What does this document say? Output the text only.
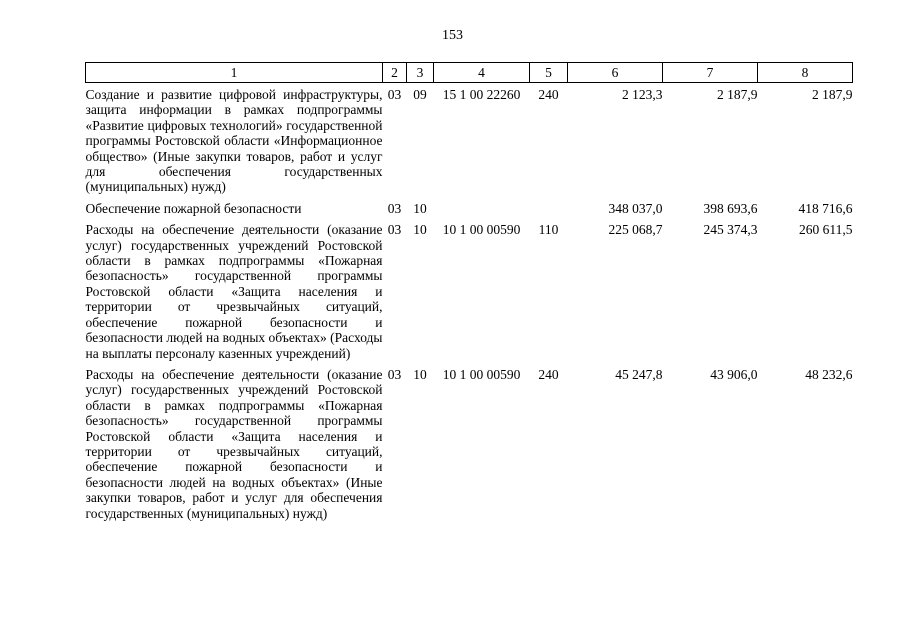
153
1	2	3	4	5	6	7	8
Создание и развитие цифровой инфраструктуры, защита информации в рамках подпрограммы «Развитие цифровых технологий» государственной программы Ростовской области «Информационное общество» (Иные закупки товаров, работ и услуг для обеспечения государственных (муниципальных) нужд)	03	09	15 1 00 22260	240	2 123,3	2 187,9	2 187,9
Обеспечение пожарной безопасности	03	10			348 037,0	398 693,6	418 716,6
Расходы на обеспечение деятельности (оказание услуг) государственных учреждений Ростовской области в рамках подпрограммы «Пожарная безопасность» государственной программы Ростовской области «Защита населения и территории от чрезвычайных ситуаций, обеспечение пожарной безопасности и безопасности людей на водных объектах» (Расходы на выплаты персоналу казенных учреждений)	03	10	10 1 00 00590	110	225 068,7	245 374,3	260 611,5
Расходы на обеспечение деятельности (оказание услуг) государственных учреждений Ростовской области в рамках подпрограммы «Пожарная безопасность» государственной программы Ростовской области «Защита населения и территории от чрезвычайных ситуаций, обеспечение пожарной безопасности и безопасности людей на водных объектах» (Иные закупки товаров, работ и услуг для обеспечения государственных (муниципальных) нужд)	03	10	10 1 00 00590	240	45 247,8	43 906,0	48 232,6
